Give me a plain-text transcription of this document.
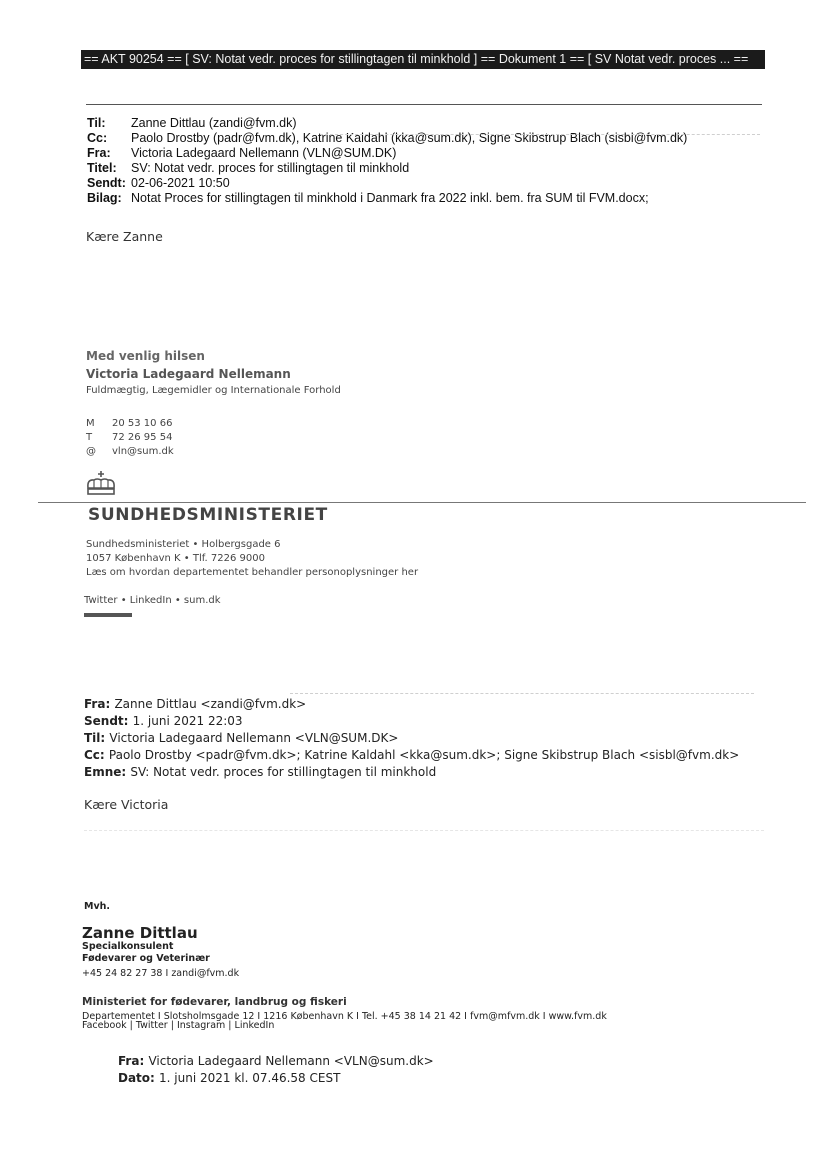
== AKT 90254 == [ SV: Notat vedr. proces for stillingtagen til minkhold ] == Dokument 1 == [ SV Notat vedr. proces ... ==
Til: Zanne Dittlau (zandi@fvm.dk)
Cc: Paolo Drostby (padr@fvm.dk), Katrine Kaldahl (kka@sum.dk), Signe Skibstrup Blach (sisbl@fvm.dk)
Fra: Victoria Ladegaard Nellemann (VLN@SUM.DK)
Titel: SV: Notat vedr. proces for stillingtagen til minkhold
Sendt: 02-06-2021 10:50
Bilag: Notat Proces for stillingtagen til minkhold i Danmark fra 2022 inkl. bem. fra SUM til FVM.docx;
Kære Zanne
Med venlig hilsen
Victoria Ladegaard Nellemann
Fuldmægtig, Lægemidler og Internationale Forhold
M 20 53 10 66
T 72 26 95 54
@ vln@sum.dk
SUNDHEDSMINISTERIET
Sundhedsministeriet • Holbergsgade 6
1057 København K • Tlf. 7226 9000
Læs om hvordan departementet behandler personoplysninger her
Twitter • LinkedIn • sum.dk
Fra: Zanne Dittlau <zandi@fvm.dk>
Sendt: 1. juni 2021 22:03
Til: Victoria Ladegaard Nellemann <VLN@SUM.DK>
Cc: Paolo Drostby <padr@fvm.dk>; Katrine Kaldahl <kka@sum.dk>; Signe Skibstrup Blach <sisbl@fvm.dk>
Emne: SV: Notat vedr. proces for stillingtagen til minkhold
Kære Victoria
Mvh.
Zanne Dittlau
Specialkonsulent
Fødevarer og Veterinær
+45 24 82 27 38 I zandi@fvm.dk
Ministeriet for fødevarer, landbrug og fiskeri
Departementet I Slotsholmsgade 12 I 1216 København K I Tel. +45 38 14 21 42 I fvm@mfvm.dk I www.fvm.dk
Facebook | Twitter | Instagram | LinkedIn
Fra: Victoria Ladegaard Nellemann <VLN@sum.dk>
Dato: 1. juni 2021 kl. 07.46.58 CEST
